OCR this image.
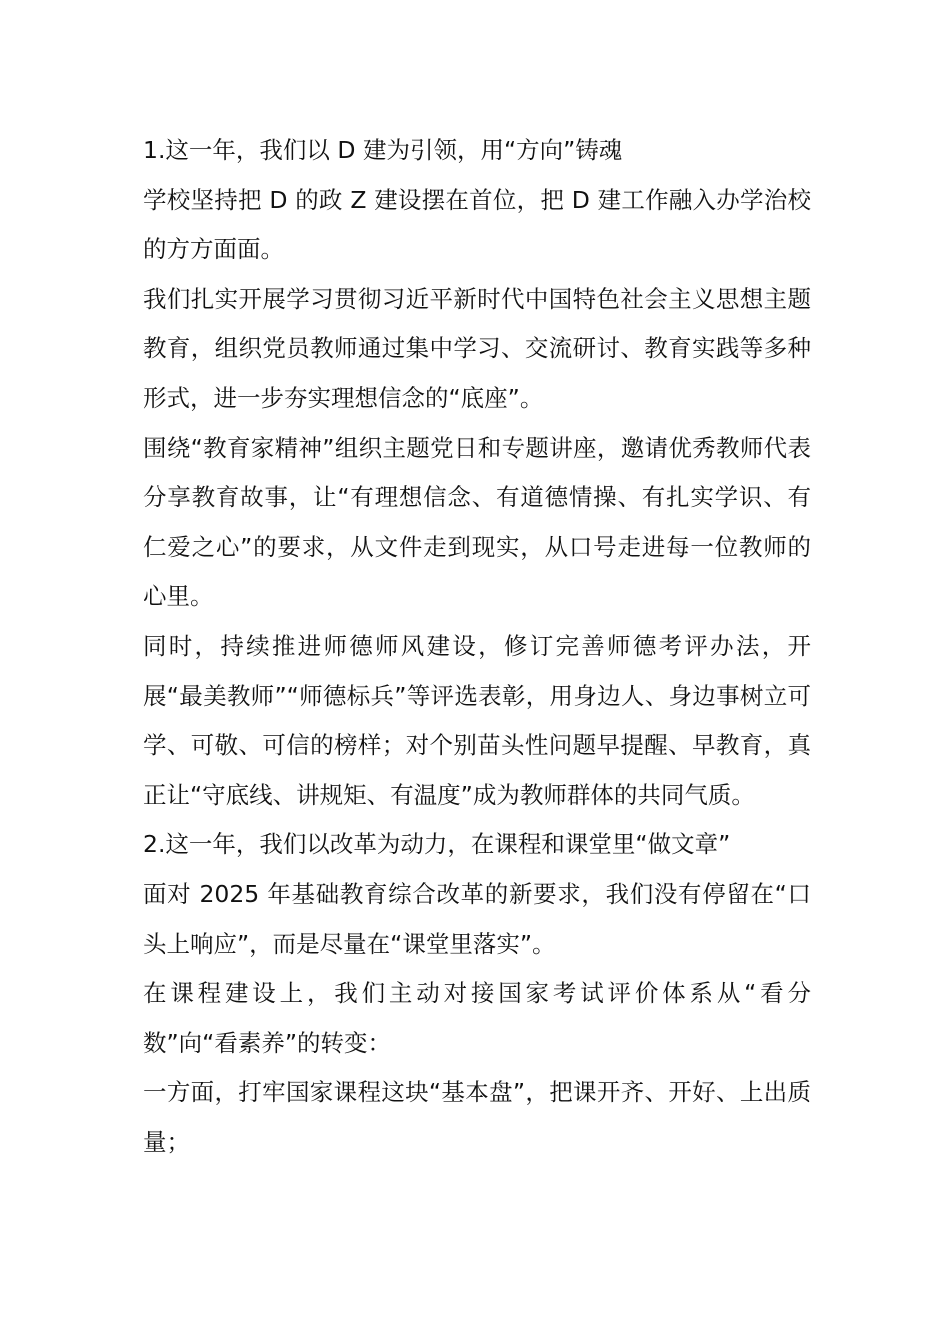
1.这一年，我们以 D 建为引领，用“方向”铸魂

学校坚持把 D 的政 Z 建设摆在首位，把 D 建工作融入办学治校的方方面面。

我们扎实开展学习贯彻习近平新时代中国特色社会主义思想主题教育，组织党员教师通过集中学习、交流研讨、教育实践等多种形式，进一步夯实理想信念的“底座”。

围绕“教育家精神”组织主题党日和专题讲座，邀请优秀教师代表分享教育故事，让“有理想信念、有道德情操、有扎实学识、有仁爱之心”的要求，从文件走到现实，从口号走进每一位教师的心里。

同时，持续推进师德师风建设，修订完善师德考评办法，开展“最美教师”“师德标兵”等评选表彰，用身边人、身边事树立可学、可敬、可信的榜样；对个别苗头性问题早提醒、早教育，真正让“守底线、讲规矩、有温度”成为教师群体的共同气质。

2.这一年，我们以改革为动力，在课程和课堂里“做文章”

面对 2025 年基础教育综合改革的新要求，我们没有停留在“口头上响应”，而是尽量在“课堂里落实”。

在课程建设上，我们主动对接国家考试评价体系从“看分数”向“看素养”的转变：

一方面，打牢国家课程这块“基本盘”，把课开齐、开好、上出质量；
